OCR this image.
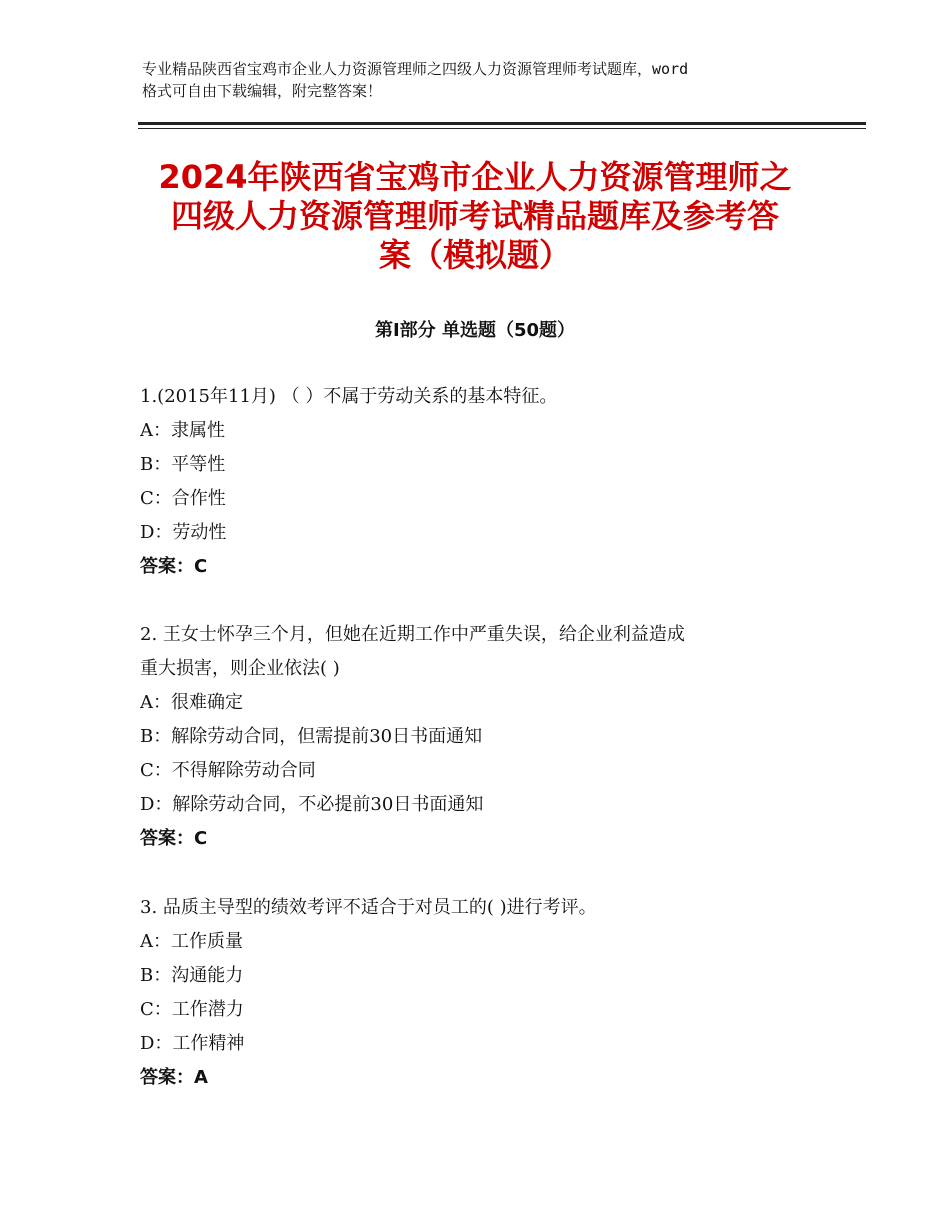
专业精品陕西省宝鸡市企业人力资源管理师之四级人力资源管理师考试题库，word
格式可自由下载编辑，附完整答案！
2024年陕西省宝鸡市企业人力资源管理师之
四级人力资源管理师考试精品题库及参考答
案（模拟题）
第Ⅰ部分 单选题（50题）
1.(2015年11月) （ ）不属于劳动关系的基本特征。
A：隶属性
B：平等性
C：合作性
D：劳动性
答案：C
2. 王女士怀孕三个月，但她在近期工作中严重失误，给企业利益造成
重大损害，则企业依法( )
A：很难确定
B：解除劳动合同，但需提前30日书面通知
C：不得解除劳动合同
D：解除劳动合同，不必提前30日书面通知
答案：C
3. 品质主导型的绩效考评不适合于对员工的( )进行考评。
A：工作质量
B：沟通能力
C：工作潜力
D：工作精神
答案：A
